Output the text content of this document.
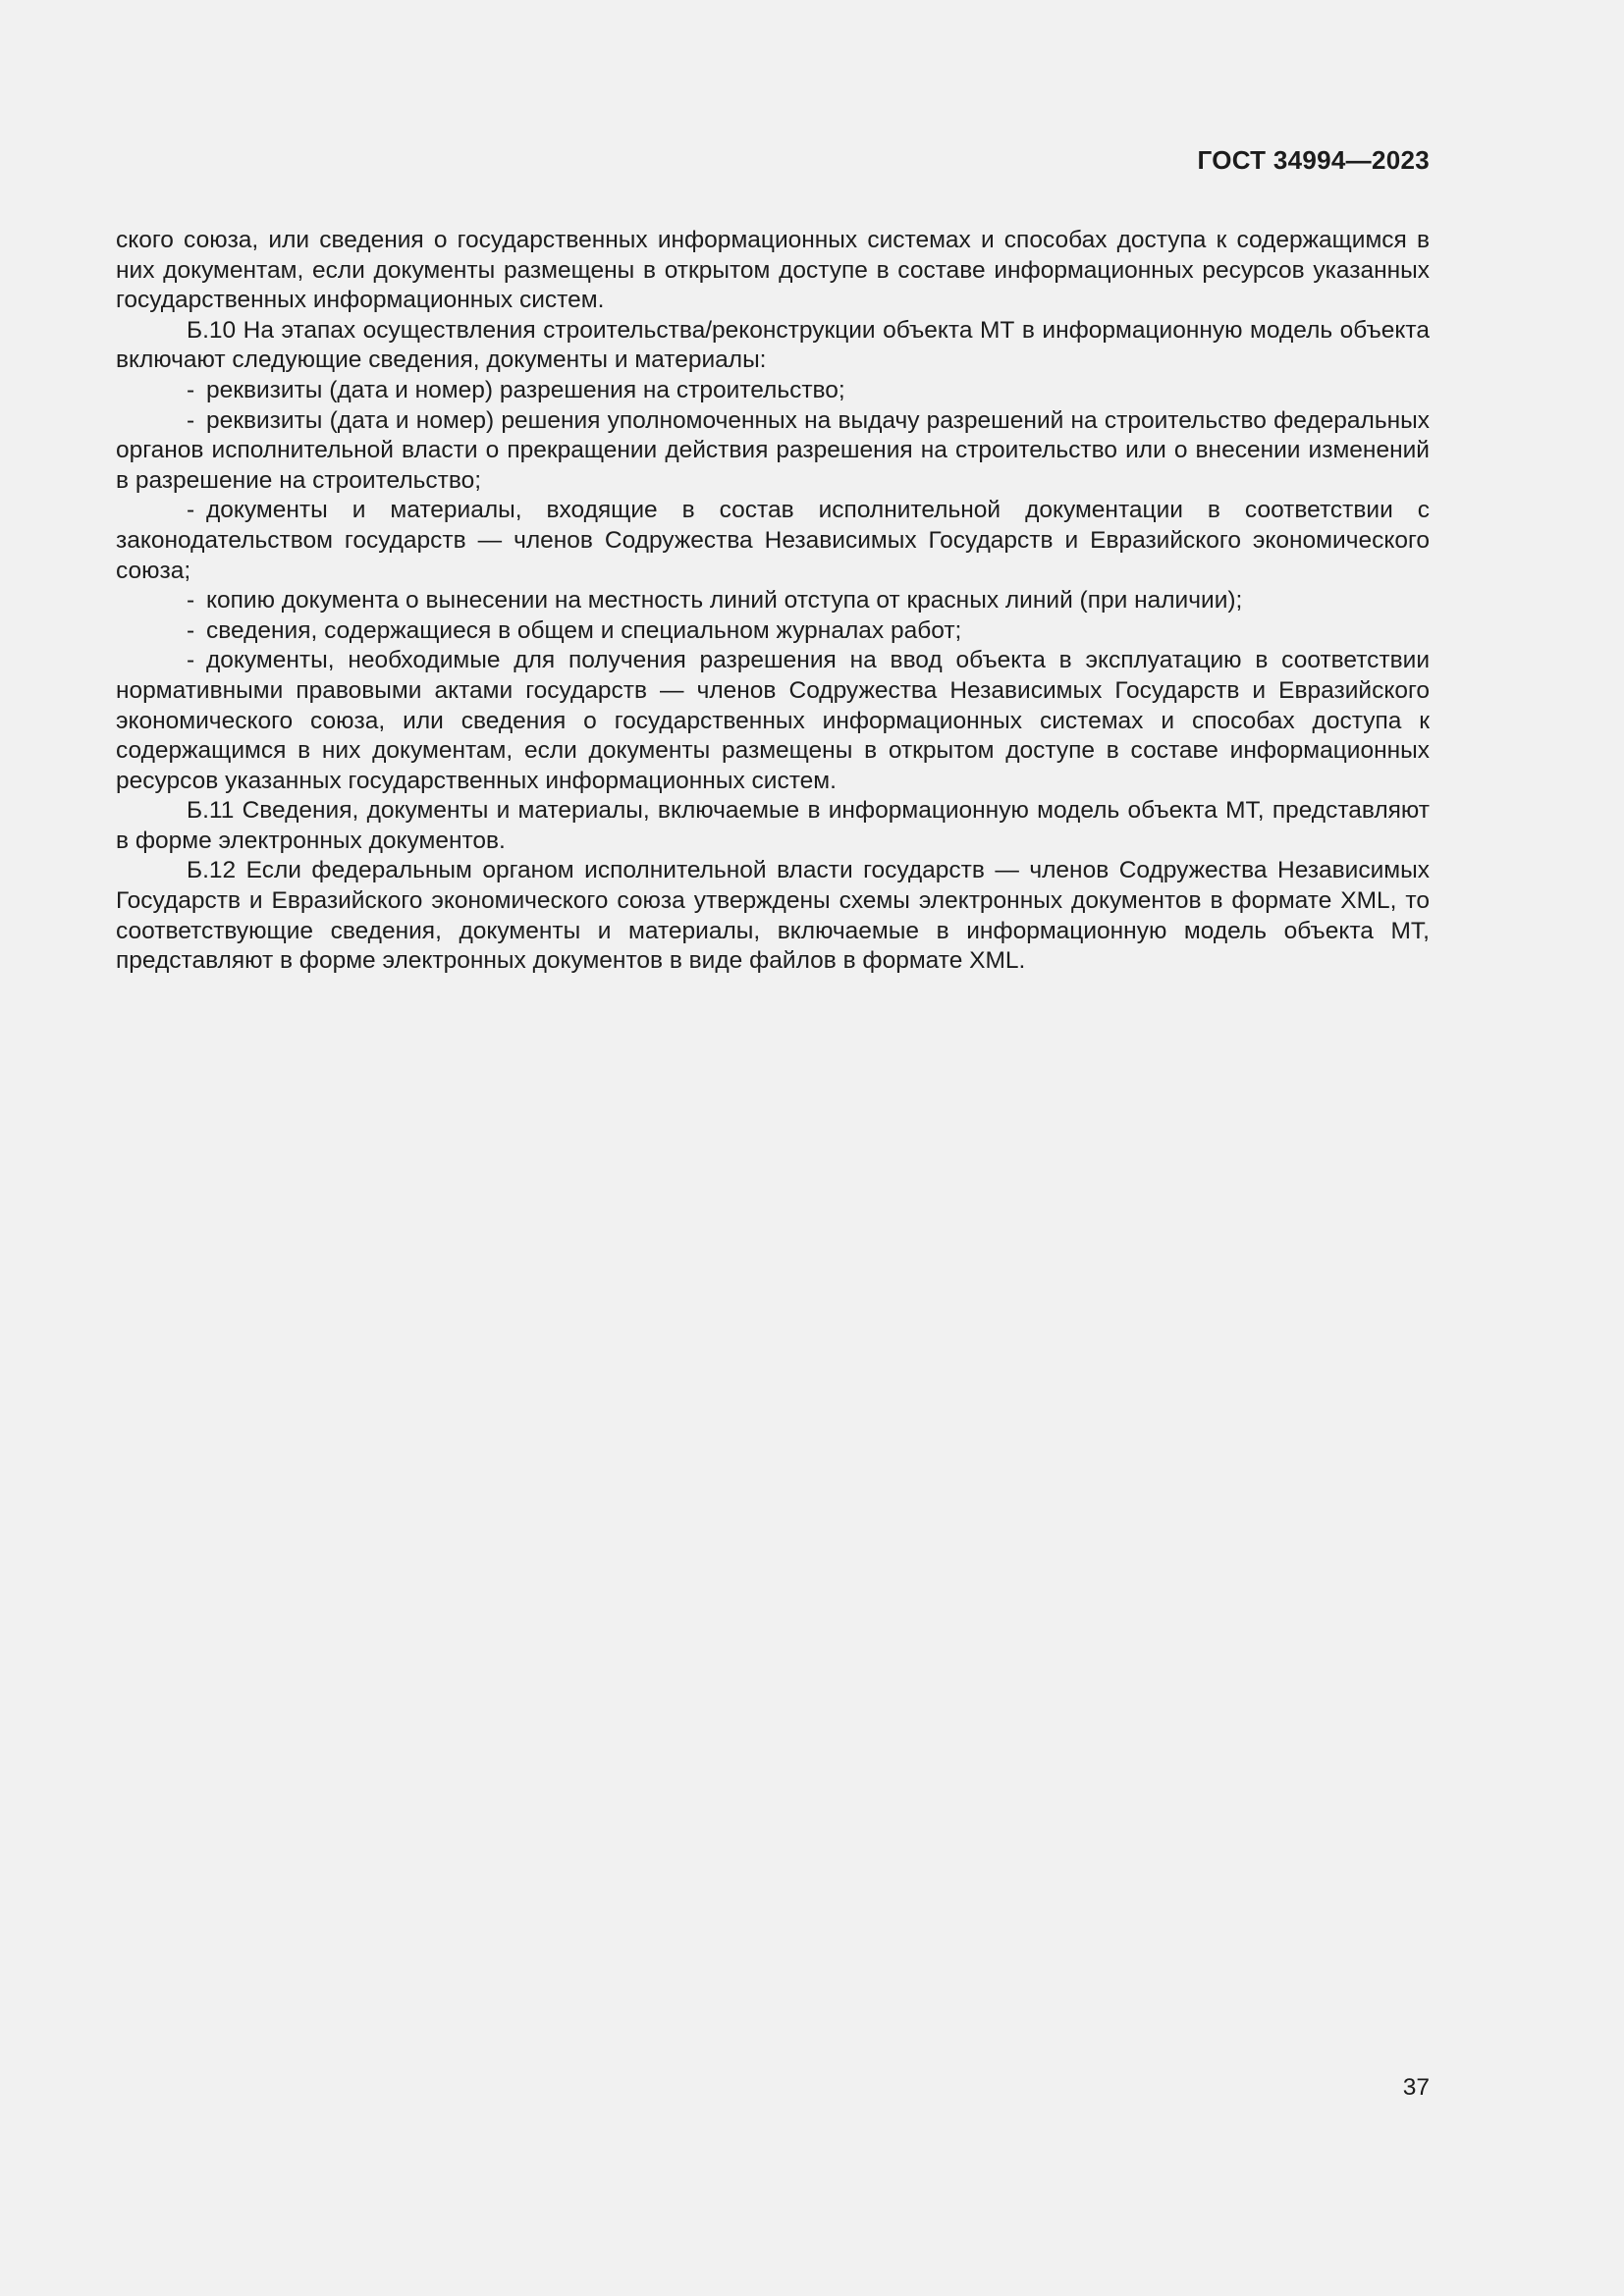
ГОСТ 34994—2023

ского союза, или сведения о государственных информационных системах и способах доступа к содержащимся в них документам, если документы размещены в открытом доступе в составе информационных ресурсов указанных государственных информационных систем.

Б.10 На этапах осуществления строительства/реконструкции объекта МТ в информационную модель объекта включают следующие сведения, документы и материалы:

- реквизиты (дата и номер) разрешения на строительство;

- реквизиты (дата и номер) решения уполномоченных на выдачу разрешений на строительство федеральных органов исполнительной власти о прекращении действия разрешения на строительство или о внесении изменений в разрешение на строительство;

- документы и материалы, входящие в состав исполнительной документации в соответствии с законодательством государств — членов Содружества Независимых Государств и Евразийского экономического союза;

- копию документа о вынесении на местность линий отступа от красных линий (при наличии);

- сведения, содержащиеся в общем и специальном журналах работ;

- документы, необходимые для получения разрешения на ввод объекта в эксплуатацию в соответствии нормативными правовыми актами государств — членов Содружества Независимых Государств и Евразийского экономического союза, или сведения о государственных информационных системах и способах доступа к содержащимся в них документам, если документы размещены в открытом доступе в составе информационных ресурсов указанных государственных информационных систем.

Б.11 Сведения, документы и материалы, включаемые в информационную модель объекта МТ, представляют в форме электронных документов.

Б.12 Если федеральным органом исполнительной власти государств — членов Содружества Независимых Государств и Евразийского экономического союза утверждены схемы электронных документов в формате XML, то соответствующие сведения, документы и материалы, включаемые в информационную модель объекта МТ, представляют в форме электронных документов в виде файлов в формате XML.

37
